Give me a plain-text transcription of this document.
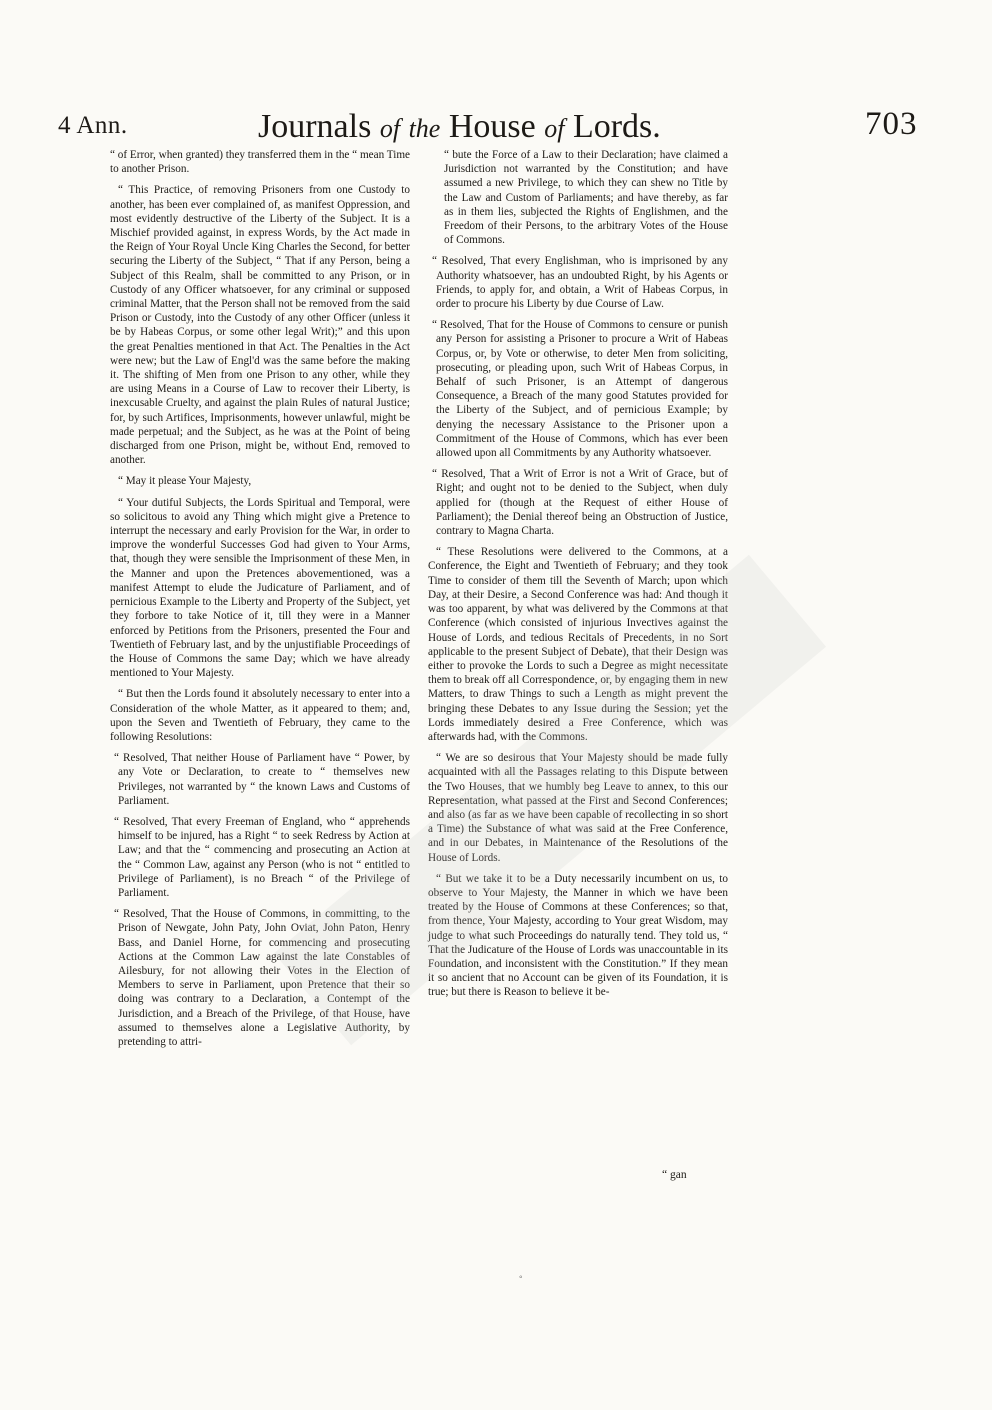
4 Ann.	Journals of the House of Lords.	703

“ of Error, when granted) they transferred them in the “ mean Time to another Prison.

“ This Practice, of removing Prisoners from one Custody to another, has been ever complained of, as manifest Oppression, and most evidently destructive of the Liberty of the Subject. It is a Mischief provided against, in express Words, by the Act made in the Reign of Your Royal Uncle King Charles the Second, for better securing the Liberty of the Subject, “ That if any Person, being a Subject of this Realm, shall be committed to any Prison, or in Custody of any Officer whatsoever, for any criminal or supposed criminal Matter, that the Person shall not be removed from the said Prison or Custody, into the Custody of any other Officer (unless it be by Habeas Corpus, or some other legal Writ);” and this upon the great Penalties mentioned in that Act. The Penalties in the Act were new; but the Law of Engl'd was the same before the making it. The shifting of Men from one Prison to any other, while they are using Means in a Course of Law to recover their Liberty, is inexcusable Cruelty, and against the plain Rules of natural Justice; for, by such Artifices, Imprisonments, however unlawful, might be made perpetual; and the Subject, as he was at the Point of being discharged from one Prison, might be, without End, removed to another.

“ May it please Your Majesty,

“ Your dutiful Subjects, the Lords Spiritual and Temporal, were so solicitous to avoid any Thing which might give a Pretence to interrupt the necessary and early Provision for the War, in order to improve the wonderful Successes God had given to Your Arms, that, though they were sensible the Imprisonment of these Men, in the Manner and upon the Pretences abovementioned, was a manifest Attempt to elude the Judicature of Parliament, and of pernicious Example to the Liberty and Property of the Subject, yet they forbore to take Notice of it, till they were in a Manner enforced by Petitions from the Prisoners, presented the Four and Twentieth of February last, and by the unjustifiable Proceedings of the House of Commons the same Day; which we have already mentioned to Your Majesty.

“ But then the Lords found it absolutely necessary to enter into a Consideration of the whole Matter, as it appeared to them; and, upon the Seven and Twentieth of February, they came to the following Resolutions:

“ Resolved, That neither House of Parliament have “ Power, by any Vote or Declaration, to create to “ themselves new Privileges, not warranted by “ the known Laws and Customs of Parliament.

“ Resolved, That every Freeman of England, who “ apprehends himself to be injured, has a Right “ to seek Redress by Action at Law; and that the “ commencing and prosecuting an Action at the “ Common Law, against any Person (who is not “ entitled to Privilege of Parliament), is no Breach “ of the Privilege of Parliament.

“ Resolved, That the House of Commons, in committing, to the Prison of Newgate, John Paty, John Oviat, John Paton, Henry Bass, and Daniel Horne, for commencing and prosecuting Actions at the Common Law against the late Constables of Ailesbury, for not allowing their Votes in the Election of Members to serve in Parliament, upon Pretence that their so doing was contrary to a Declaration, a Contempt of the Jurisdiction, and a Breach of the Privilege, of that House, have assumed to themselves alone a Legislative Authority, by pretending to attri-

“ bute the Force of a Law to their Declaration; have claimed a Jurisdiction not warranted by the Constitution; and have assumed a new Privilege, to which they can shew no Title by the Law and Custom of Parliaments; and have thereby, as far as in them lies, subjected the Rights of Englishmen, and the Freedom of their Persons, to the arbitrary Votes of the House of Commons.

“ Resolved, That every Englishman, who is imprisoned by any Authority whatsoever, has an undoubted Right, by his Agents or Friends, to apply for, and obtain, a Writ of Habeas Corpus, in order to procure his Liberty by due Course of Law.

“ Resolved, That for the House of Commons to censure or punish any Person for assisting a Prisoner to procure a Writ of Habeas Corpus, or, by Vote or otherwise, to deter Men from soliciting, prosecuting, or pleading upon, such Writ of Habeas Corpus, in Behalf of such Prisoner, is an Attempt of dangerous Consequence, a Breach of the many good Statutes provided for the Liberty of the Subject, and of pernicious Example; by denying the necessary Assistance to the Prisoner upon a Commitment of the House of Commons, which has ever been allowed upon all Commitments by any Authority whatsoever.

“ Resolved, That a Writ of Error is not a Writ of Grace, but of Right; and ought not to be denied to the Subject, when duly applied for (though at the Request of either House of Parliament); the Denial thereof being an Obstruction of Justice, contrary to Magna Charta.

“ These Resolutions were delivered to the Commons, at a Conference, the Eight and Twentieth of February; and they took Time to consider of them till the Seventh of March; upon which Day, at their Desire, a Second Conference was had: And though it was too apparent, by what was delivered by the Commons at that Conference (which consisted of injurious Invectives against the House of Lords, and tedious Recitals of Precedents, in no Sort applicable to the present Subject of Debate), that their Design was either to provoke the Lords to such a Degree as might necessitate them to break off all Correspondence, or, by engaging them in new Matters, to draw Things to such a Length as might prevent the bringing these Debates to any Issue during the Session; yet the Lords immediately desired a Free Conference, which was afterwards had, with the Commons.

“ We are so desirous that Your Majesty should be made fully acquainted with all the Passages relating to this Dispute between the Two Houses, that we humbly beg Leave to annex, to this our Representation, what passed at the First and Second Conferences; and also (as far as we have been capable of recollecting in so short a Time) the Substance of what was said at the Free Conference, and in our Debates, in Maintenance of the Resolutions of the House of Lords.

“ But we take it to be a Duty necessarily incumbent on us, to observe to Your Majesty, the Manner in which we have been treated by the House of Commons at these Conferences; so that, from thence, Your Majesty, according to Your great Wisdom, may judge to what such Proceedings do naturally tend. They told us, “ That the Judicature of the House of Lords was unaccountable in its Foundation, and inconsistent with the Constitution.” If they mean it so ancient that no Account can be given of its Foundation, it is true; but there is Reason to believe it be-

“ gan
◦
